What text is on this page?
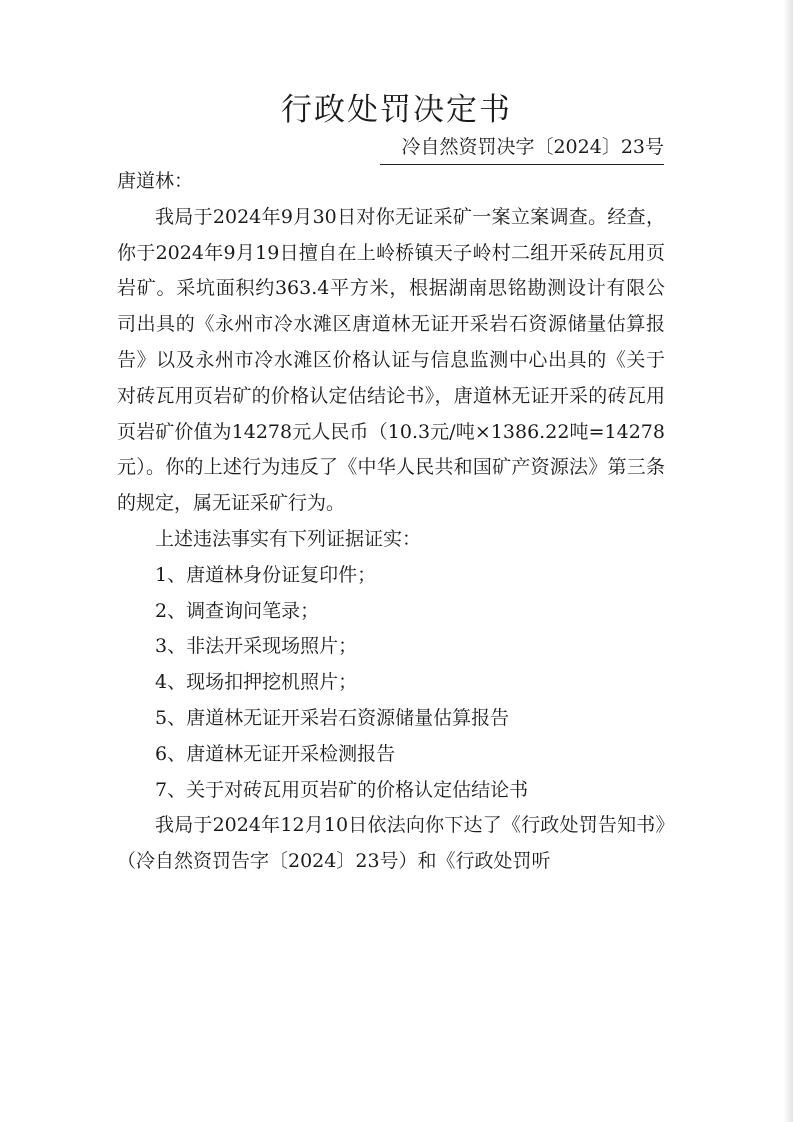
行政处罚决定书
冷自然资罚决字〔2024〕23号

唐道林：

我局于2024年9月30日对你无证采矿一案立案调查。经查，你于2024年9月19日擅自在上岭桥镇天子岭村二组开采砖瓦用页岩矿。采坑面积约363.4平方米，根据湖南思铭勘测设计有限公司出具的《永州市冷水滩区唐道林无证开采岩石资源储量估算报告》以及永州市冷水滩区价格认证与信息监测中心出具的《关于对砖瓦用页岩矿的价格认定估结论书》，唐道林无证开采的砖瓦用页岩矿价值为14278元人民币（10.3元/吨×1386.22吨=14278元）。你的上述行为违反了《中华人民共和国矿产资源法》第三条的规定，属无证采矿行为。

上述违法事实有下列证据证实：

1、唐道林身份证复印件；
2、调查询问笔录；
3、非法开采现场照片；
4、现场扣押挖机照片；
5、唐道林无证开采岩石资源储量估算报告
6、唐道林无证开采检测报告
7、关于对砖瓦用页岩矿的价格认定估结论书

我局于2024年12月10日依法向你下达了《行政处罚告知书》（冷自然资罚告字〔2024〕23号）和《行政处罚听
